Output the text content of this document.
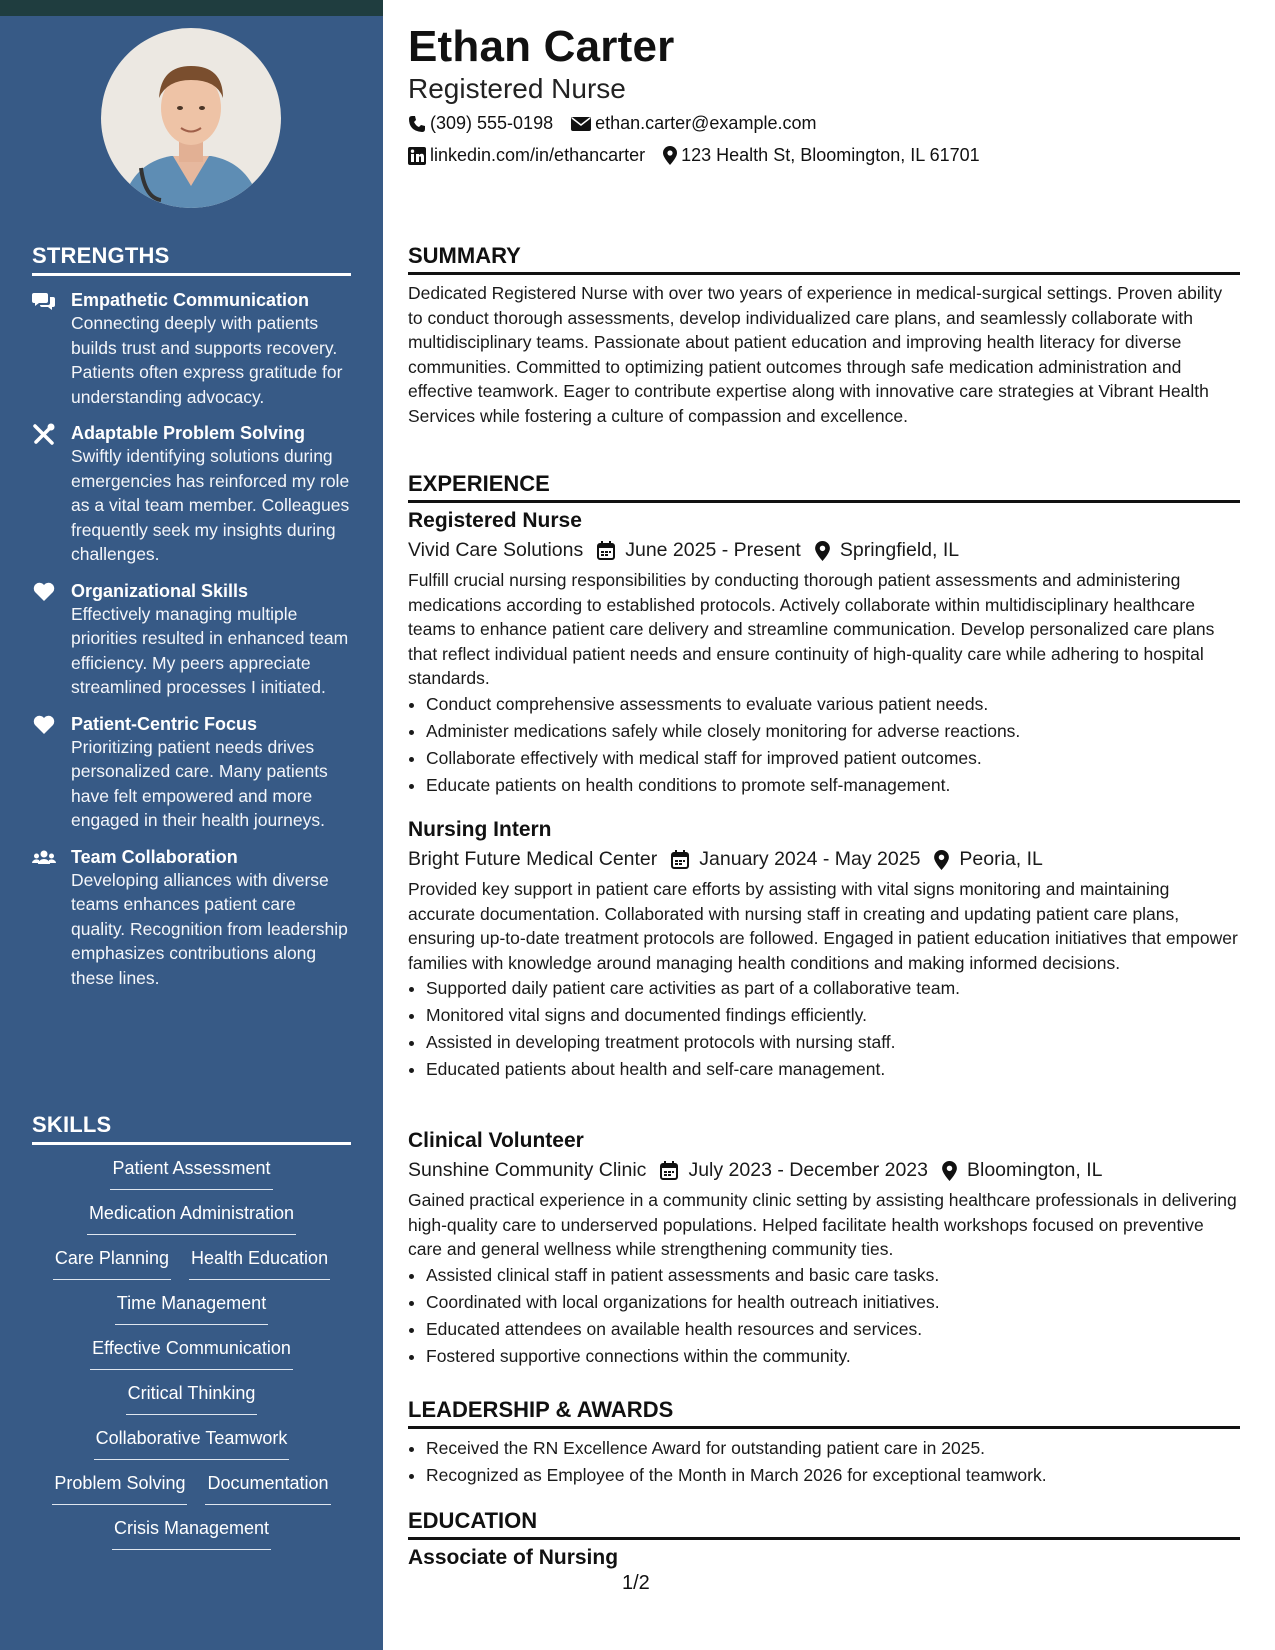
STRENGTHS
Empathetic Communication
Connecting deeply with patients builds trust and supports recovery. Patients often express gratitude for understanding advocacy.
Adaptable Problem Solving
Swiftly identifying solutions during emergencies has reinforced my role as a vital team member. Colleagues frequently seek my insights during challenges.
Organizational Skills
Effectively managing multiple priorities resulted in enhanced team efficiency. My peers appreciate streamlined processes I initiated.
Patient-Centric Focus
Prioritizing patient needs drives personalized care. Many patients have felt empowered and more engaged in their health journeys.
Team Collaboration
Developing alliances with diverse teams enhances patient care quality. Recognition from leadership emphasizes contributions along these lines.
SKILLS
Patient Assessment
Medication Administration
Care Planning Health Education
Time Management
Effective Communication
Critical Thinking
Collaborative Teamwork
Problem Solving Documentation
Crisis Management
Ethan Carter
Registered Nurse
(309) 555-0198 ethan.carter@example.com
linkedin.com/in/ethancarter 123 Health St, Bloomington, IL 61701
SUMMARY
Dedicated Registered Nurse with over two years of experience in medical-surgical settings. Proven ability to conduct thorough assessments, develop individualized care plans, and seamlessly collaborate with multidisciplinary teams. Passionate about patient education and improving health literacy for diverse communities. Committed to optimizing patient outcomes through safe medication administration and effective teamwork. Eager to contribute expertise along with innovative care strategies at Vibrant Health Services while fostering a culture of compassion and excellence.
EXPERIENCE
Registered Nurse
Vivid Care Solutions June 2025 - Present Springfield, IL
Fulfill crucial nursing responsibilities by conducting thorough patient assessments and administering medications according to established protocols. Actively collaborate within multidisciplinary healthcare teams to enhance patient care delivery and streamline communication. Develop personalized care plans that reflect individual patient needs and ensure continuity of high-quality care while adhering to hospital standards.
• Conduct comprehensive assessments to evaluate various patient needs.
• Administer medications safely while closely monitoring for adverse reactions.
• Collaborate effectively with medical staff for improved patient outcomes.
• Educate patients on health conditions to promote self-management.
Nursing Intern
Bright Future Medical Center January 2024 - May 2025 Peoria, IL
Provided key support in patient care efforts by assisting with vital signs monitoring and maintaining accurate documentation. Collaborated with nursing staff in creating and updating patient care plans, ensuring up-to-date treatment protocols are followed. Engaged in patient education initiatives that empower families with knowledge around managing health conditions and making informed decisions.
• Supported daily patient care activities as part of a collaborative team.
• Monitored vital signs and documented findings efficiently.
• Assisted in developing treatment protocols with nursing staff.
• Educated patients about health and self-care management.
Clinical Volunteer
Sunshine Community Clinic July 2023 - December 2023 Bloomington, IL
Gained practical experience in a community clinic setting by assisting healthcare professionals in delivering high-quality care to underserved populations. Helped facilitate health workshops focused on preventive care and general wellness while strengthening community ties.
• Assisted clinical staff in patient assessments and basic care tasks.
• Coordinated with local organizations for health outreach initiatives.
• Educated attendees on available health resources and services.
• Fostered supportive connections within the community.
LEADERSHIP & AWARDS
• Received the RN Excellence Award for outstanding patient care in 2025.
• Recognized as Employee of the Month in March 2026 for exceptional teamwork.
EDUCATION
Associate of Nursing
1/2
